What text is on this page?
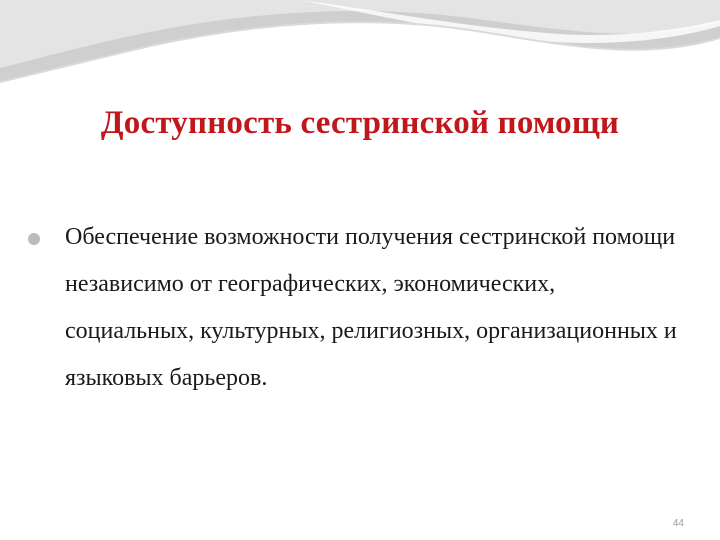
Доступность сестринской помощи
Обеспечение возможности получения сестринской помощи независимо от географических, экономических, социальных, культурных, религиозных, организационных и языковых барьеров.
44
